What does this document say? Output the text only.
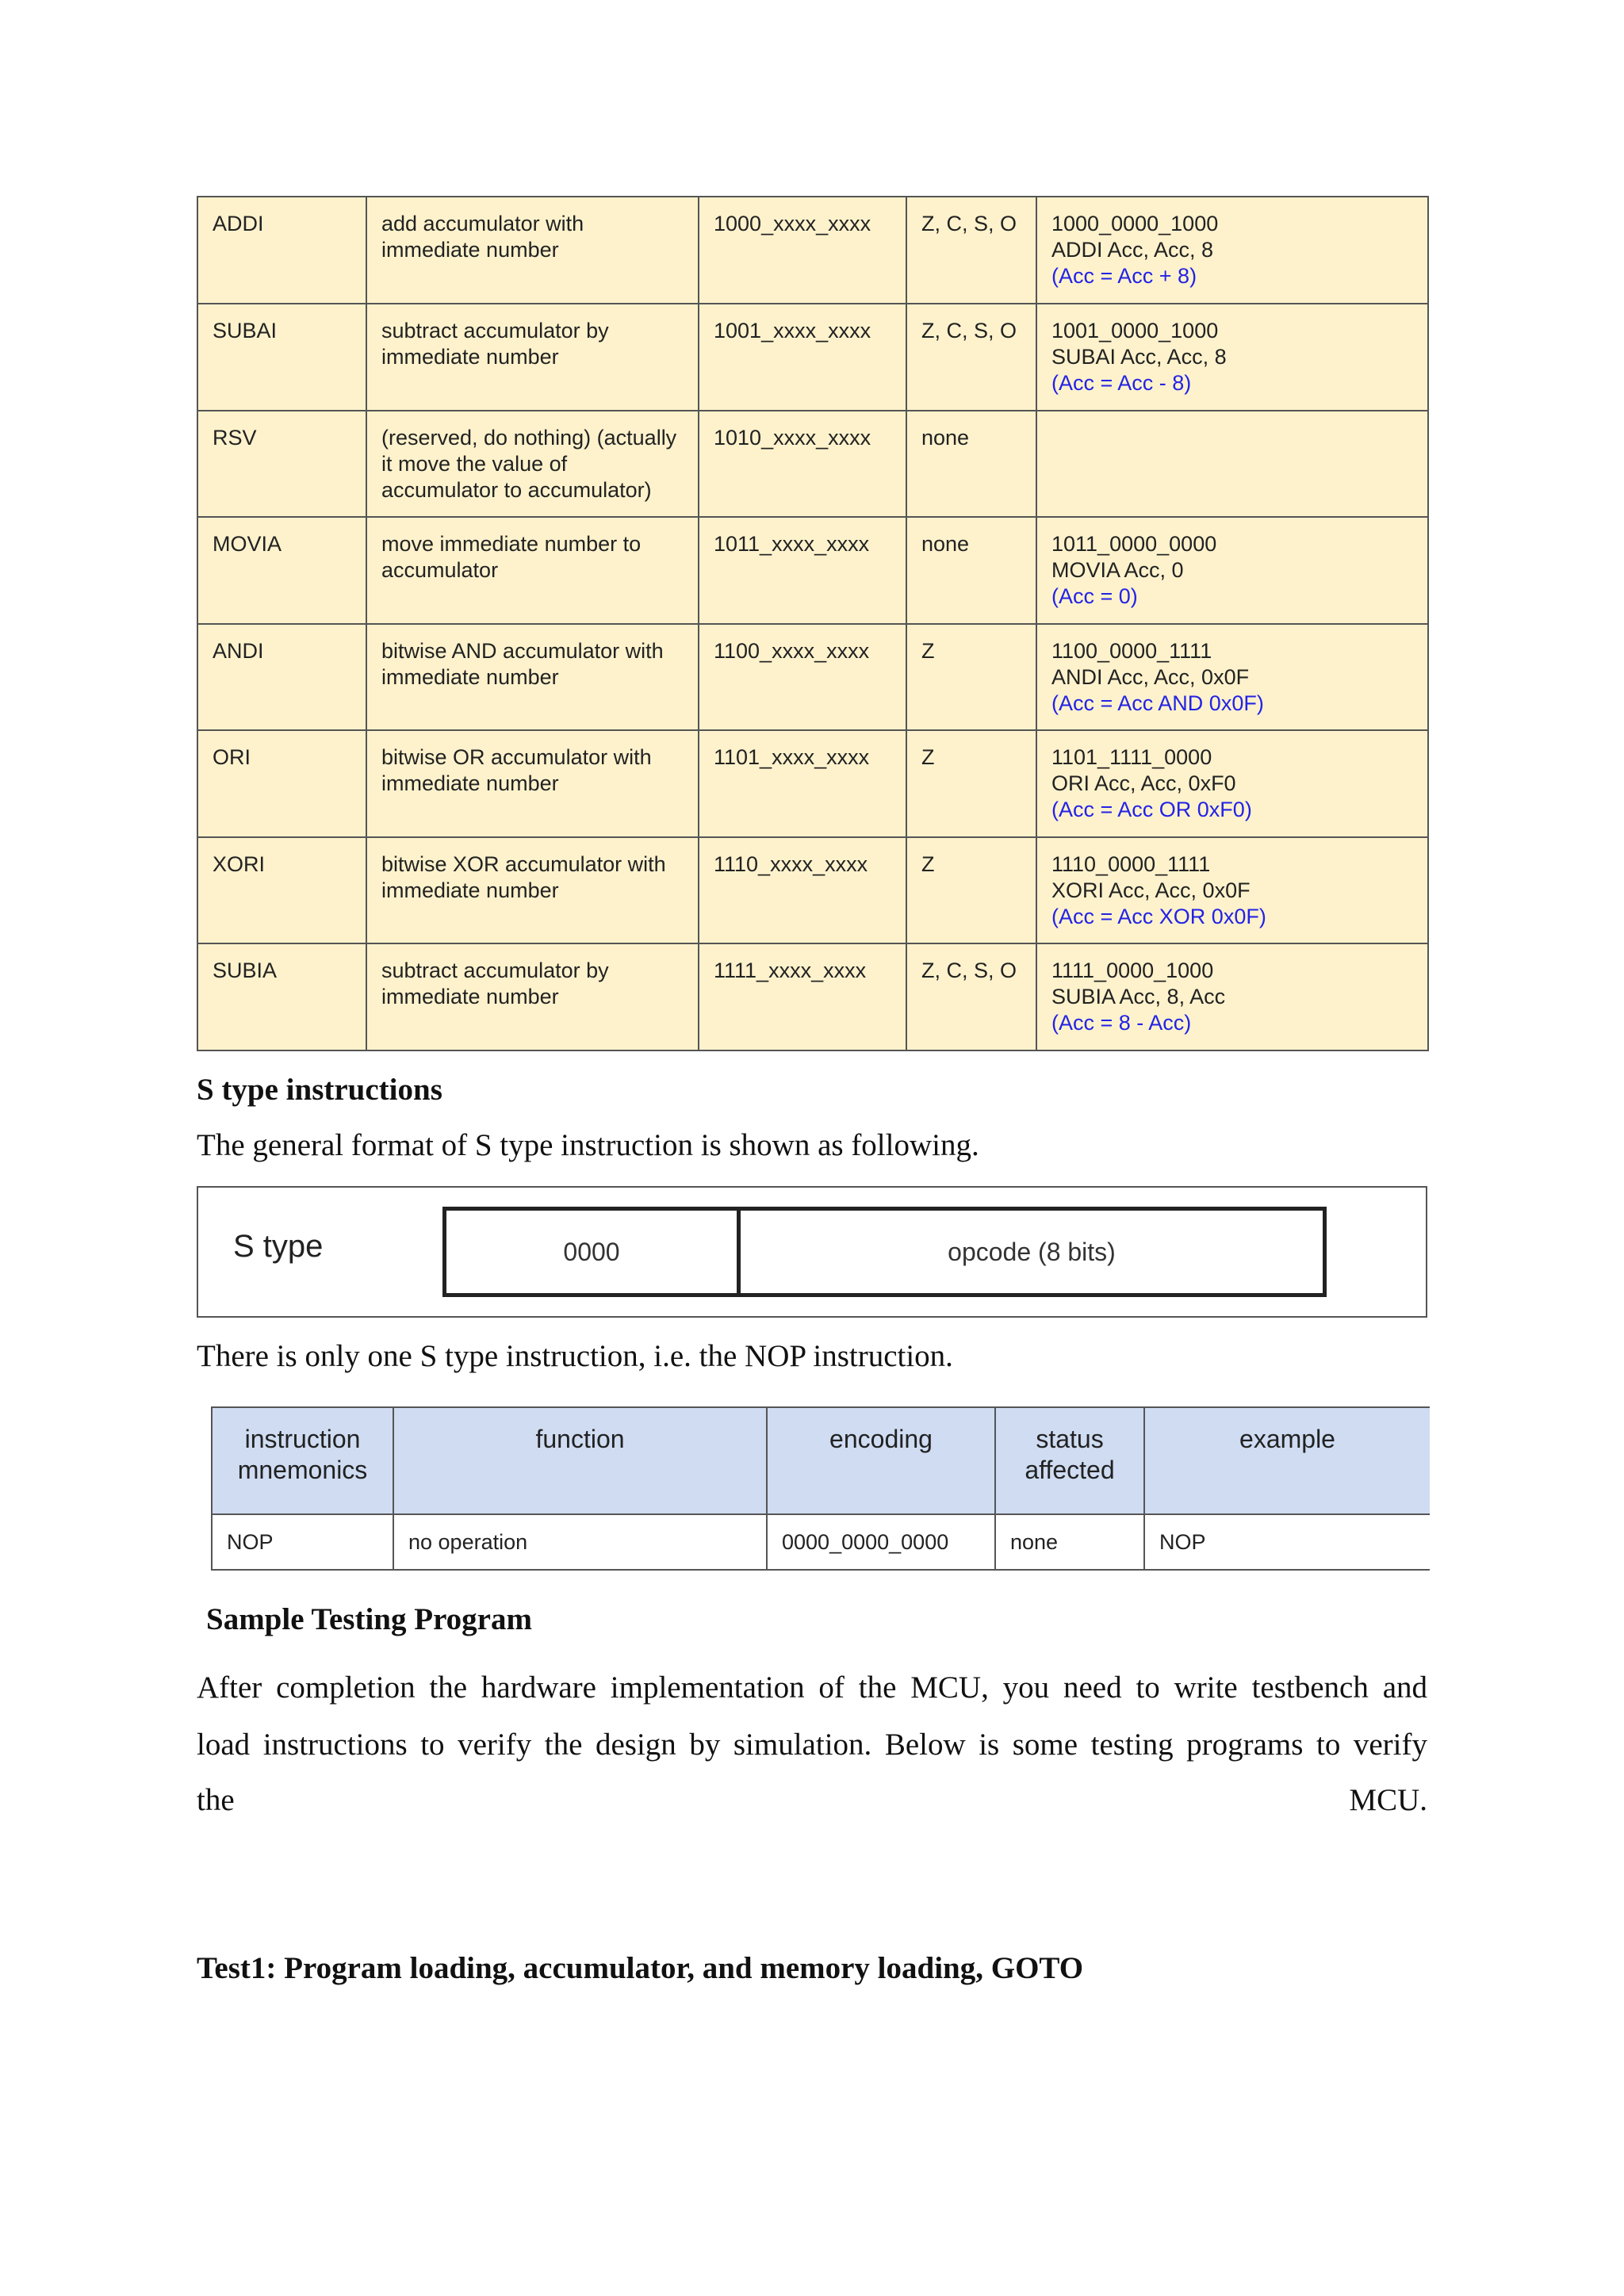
ADDI	add accumulator with immediate number	1000_xxxx_xxxx	Z, C, S, O	1000_0000_1000
ADDI Acc, Acc, 8
(Acc = Acc + 8)

SUBAI	subtract accumulator by immediate number	1001_xxxx_xxxx	Z, C, S, O	1001_0000_1000
SUBAI Acc, Acc, 8
(Acc = Acc - 8)

RSV	(reserved, do nothing) (actually it move the value of accumulator to accumulator)	1010_xxxx_xxxx	none	

MOVIA	move immediate number to accumulator	1011_xxxx_xxxx	none	1011_0000_0000
MOVIA Acc, 0
(Acc = 0)

ANDI	bitwise AND accumulator with immediate number	1100_xxxx_xxxx	Z	1100_0000_1111
ANDI Acc, Acc, 0x0F
(Acc = Acc AND 0x0F)

ORI	bitwise OR accumulator with immediate number	1101_xxxx_xxxx	Z	1101_1111_0000
ORI Acc, Acc, 0xF0
(Acc = Acc OR 0xF0)

XORI	bitwise XOR accumulator with immediate number	1110_xxxx_xxxx	Z	1110_0000_1111
XORI Acc, Acc, 0x0F
(Acc = Acc XOR 0x0F)

SUBIA	subtract accumulator by immediate number	1111_xxxx_xxxx	Z, C, S, O	1111_0000_1000
SUBIA Acc, 8, Acc
(Acc = 8 - Acc)
S type instructions
The general format of S type instruction is shown as following.
S type	0000	opcode (8 bits)
There is only one S type instruction, i.e. the NOP instruction.
instruction mnemonics	function	encoding	status affected	example
NOP	no operation	0000_0000_0000	none	NOP
Sample Testing Program
After completion the hardware implementation of the MCU, you need to write testbench and
load instructions to verify the design by simulation. Below is some testing programs to verify
the	MCU.
Test1: Program loading, accumulator, and memory loading, GOTO
